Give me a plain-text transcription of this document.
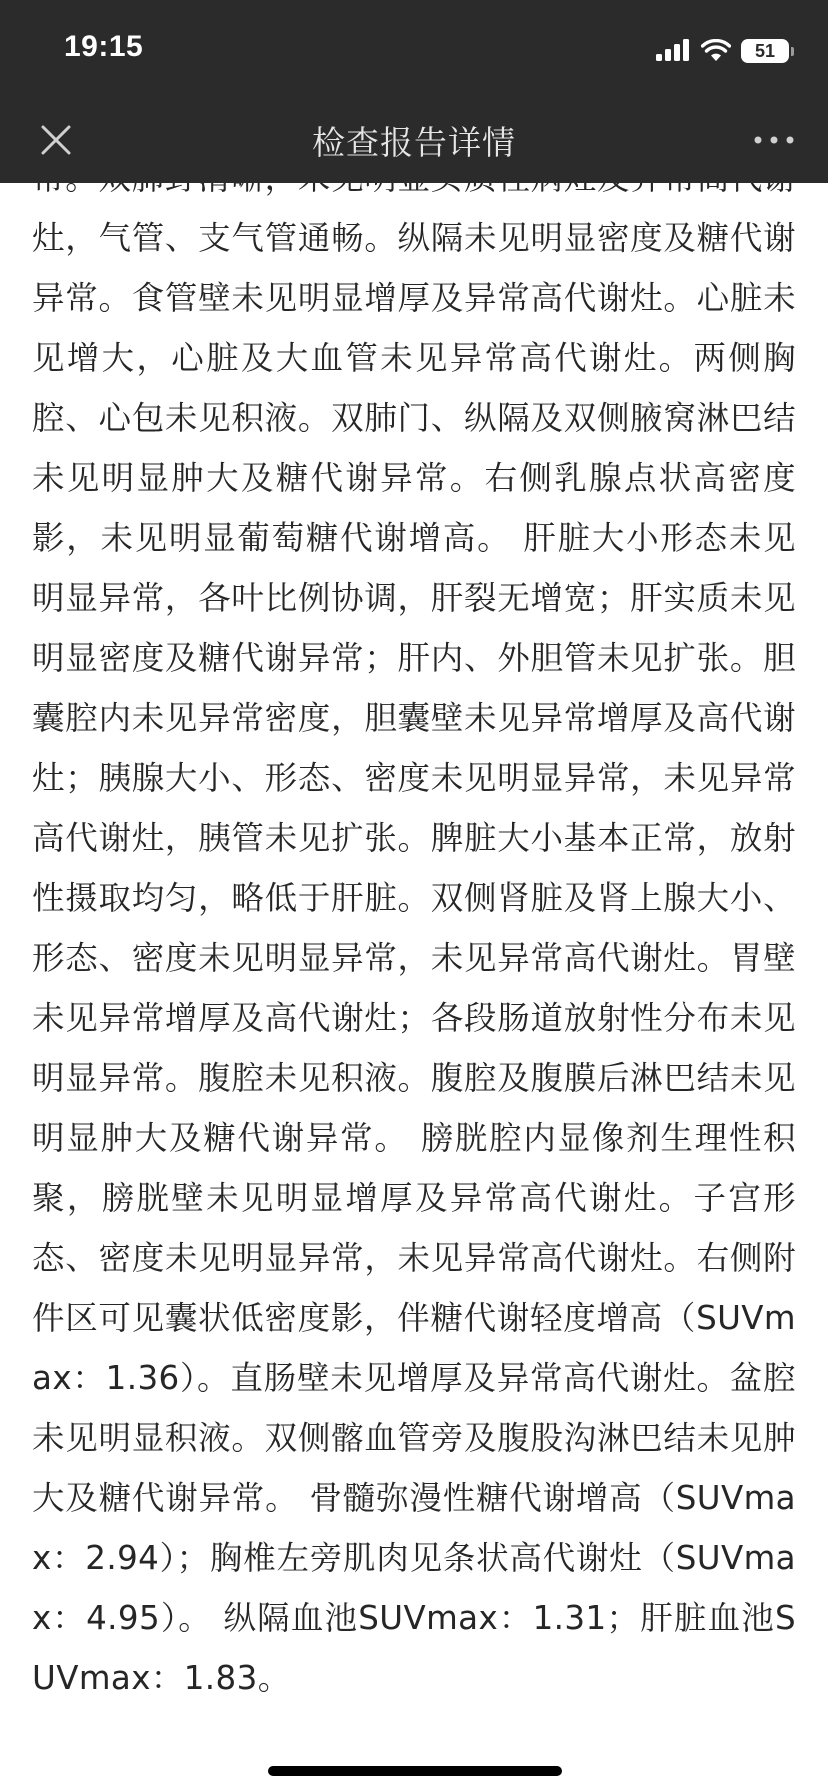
灶，气管、支气管通畅。纵隔未见明显密度及糖代谢异常。食管壁未见明显增厚及异常高代谢灶。心脏未见增大，心脏及大血管未见异常高代谢灶。两侧胸腔、心包未见积液。双肺门、纵隔及双侧腋窝淋巴结未见明显肿大及糖代谢异常。右侧乳腺点状高密度影，未见明显葡萄糖代谢增高。 肝脏大小形态未见明显异常，各叶比例协调，肝裂无增宽；肝实质未见明显密度及糖代谢异常；肝内、外胆管未见扩张。胆囊腔内未见异常密度，胆囊壁未见异常增厚及高代谢灶；胰腺大小、形态、密度未见明显异常，未见异常高代谢灶，胰管未见扩张。脾脏大小基本正常，放射性摄取均匀，略低于肝脏。双侧肾脏及肾上腺大小、形态、密度未见明显异常，未见异常高代谢灶。胃壁未见异常增厚及高代谢灶；各段肠道放射性分布未见明显异常。腹腔未见积液。腹腔及腹膜后淋巴结未见明显肿大及糖代谢异常。 膀胱腔内显像剂生理性积聚，膀胱壁未见明显增厚及异常高代谢灶。子宫形态、密度未见明显异常，未见异常高代谢灶。右侧附件区可见囊状低密度影，伴糖代谢轻度增高（SUVmax：1.36）。直肠壁未见增厚及异常高代谢灶。盆腔未见明显积液。双侧髂血管旁及腹股沟淋巴结未见肿大及糖代谢异常。 骨髓弥漫性糖代谢增高（SUVmax：2.94）；胸椎左旁肌肉见条状高代谢灶（SUVmax：4.95）。 纵隔血池SUVmax：1.31；肝脏血池SUVmax：1.83。

19:15	51
检查报告详情
